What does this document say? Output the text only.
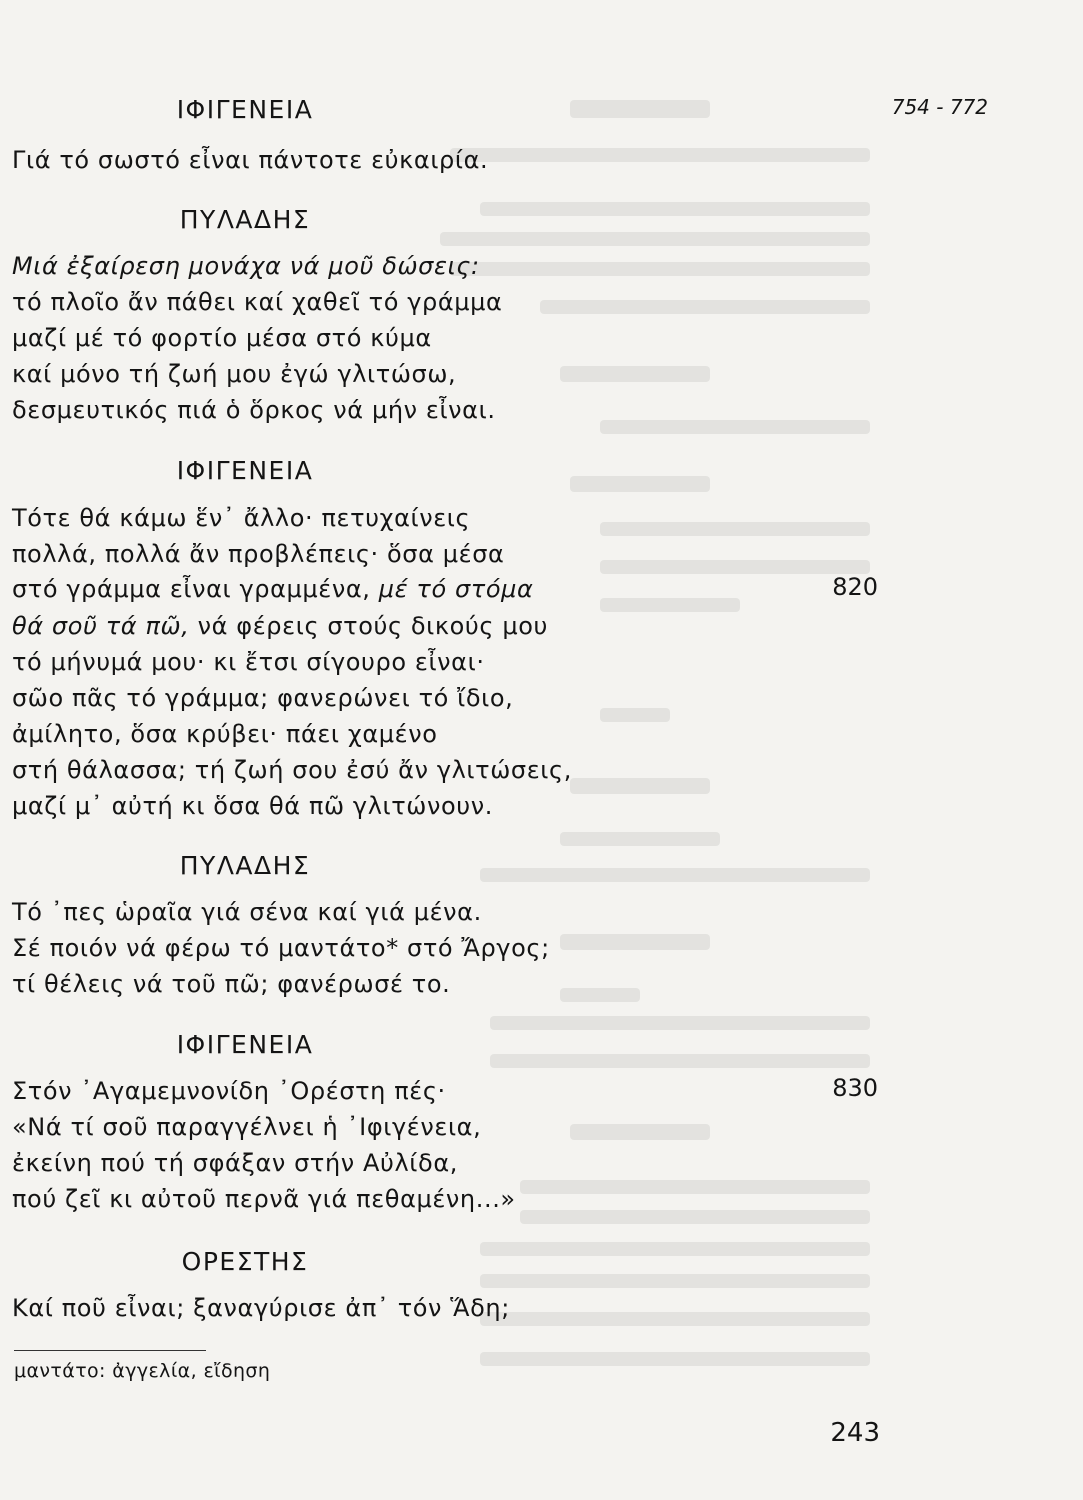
754 - 772
ΙΦΙΓΕΝΕΙΑ
Γιά τό σωστό εἶναι πάντοτε εὐκαιρία.
ΠΥΛΑΔΗΣ
Μιά ἐξαίρεση μονάχα νά μοῦ δώσεις:
τό πλοῖο ἄν πάθει καί χαθεῖ τό γράμμα
μαζί μέ τό φορτίο μέσα στό κύμα
καί μόνο τή ζωή μου ἐγώ γλιτώσω,
δεσμευτικός πιά ὁ ὅρκος νά μήν εἶναι.
ΙΦΙΓΕΝΕΙΑ
Τότε θά κάμω ἕν᾽ ἄλλο· πετυχαίνεις
πολλά, πολλά ἄν προβλέπεις· ὅσα μέσα
στό γράμμα εἶναι γραμμένα, μέ τό στόμα	820
θά σοῦ τά πῶ, νά φέρεις στούς δικούς μου
τό μήνυμά μου· κι ἔτσι σίγουρο εἶναι·
σῶο πᾶς τό γράμμα; φανερώνει τό ἴδιο,
ἀμίλητο, ὅσα κρύβει· πάει χαμένο
στή θάλασσα; τή ζωή σου ἐσύ ἄν γλιτώσεις,
μαζί μ᾽ αὐτή κι ὅσα θά πῶ γλιτώνουν.
ΠΥΛΑΔΗΣ
Τό ᾽πες ὡραῖα γιά σένα καί γιά μένα.
Σέ ποιόν νά φέρω τό μαντάτο* στό Ἄργος;
τί θέλεις νά τοῦ πῶ; φανέρωσέ το.
ΙΦΙΓΕΝΕΙΑ
Στόν ᾽Αγαμεμνονίδη ᾽Ορέστη πές·	830
«Νά τί σοῦ παραγγέλνει ἡ ᾽Ιφιγένεια,
ἐκείνη πού τή σφάξαν στήν Αὐλίδα,
πού ζεῖ κι αὐτοῦ περνᾶ γιά πεθαμένη...»
ΟΡΕΣΤΗΣ
Καί ποῦ εἶναι; ξαναγύρισε ἀπ᾽ τόν Ἅδη;
μαντάτο: ἀγγελία, εἴδηση
243
